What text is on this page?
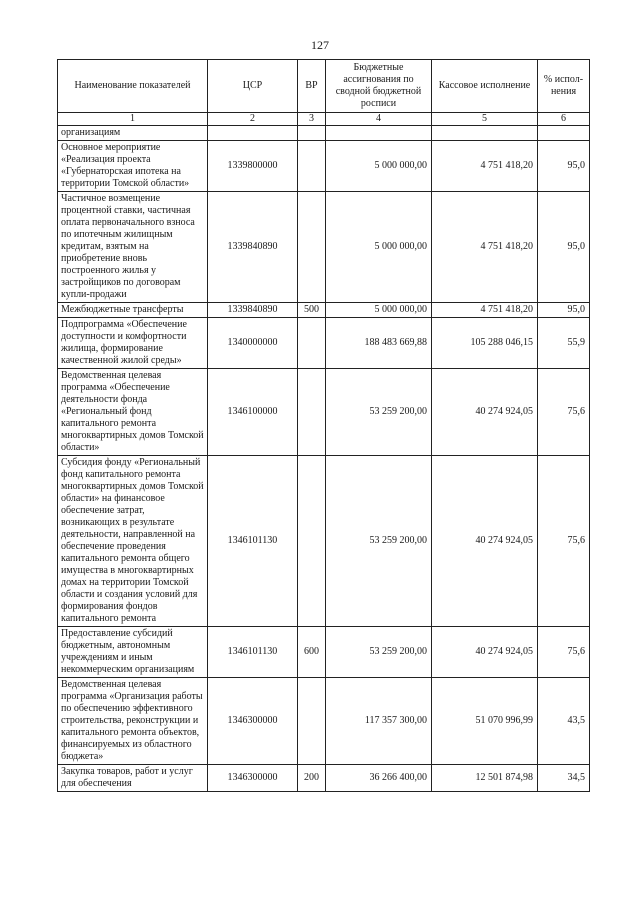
127
Наименование показателей	ЦСР	ВР	Бюджетные ассигнования по сводной бюджетной росписи	Кассовое исполнение	% испол-нения
1	2	3	4	5	6
организациям					
Основное мероприятие «Реализация проекта «Губернаторская ипотека на территории Томской области»	1339800000		5 000 000,00	4 751 418,20	95,0
Частичное возмещение процентной ставки, частичная оплата первоначального взноса по ипотечным жилищным кредитам, взятым на приобретение вновь построенного жилья у застройщиков по договорам купли-продажи	1339840890		5 000 000,00	4 751 418,20	95,0
Межбюджетные трансферты	1339840890	500	5 000 000,00	4 751 418,20	95,0
Подпрограмма «Обеспечение доступности и комфортности жилища, формирование качественной жилой среды»	1340000000		188 483 669,88	105 288 046,15	55,9
Ведомственная целевая программа «Обеспечение деятельности фонда «Региональный фонд капитального ремонта многоквартирных домов Томской области»	1346100000		53 259 200,00	40 274 924,05	75,6
Субсидия фонду «Региональный фонд капитального ремонта многоквартирных домов Томской области» на финансовое обеспечение затрат, возникающих в результате деятельности, направленной на обеспечение проведения капитального ремонта общего имущества в многоквартирных домах на территории Томской области и создания условий для формирования фондов капитального ремонта	1346101130		53 259 200,00	40 274 924,05	75,6
Предоставление субсидий бюджетным, автономным учреждениям и иным некоммерческим организациям	1346101130	600	53 259 200,00	40 274 924,05	75,6
Ведомственная целевая программа «Организация работы по обеспечению эффективного строительства, реконструкции и капитального ремонта объектов, финансируемых из областного бюджета»	1346300000		117 357 300,00	51 070 996,99	43,5
Закупка товаров, работ и услуг для обеспечения	1346300000	200	36 266 400,00	12 501 874,98	34,5
